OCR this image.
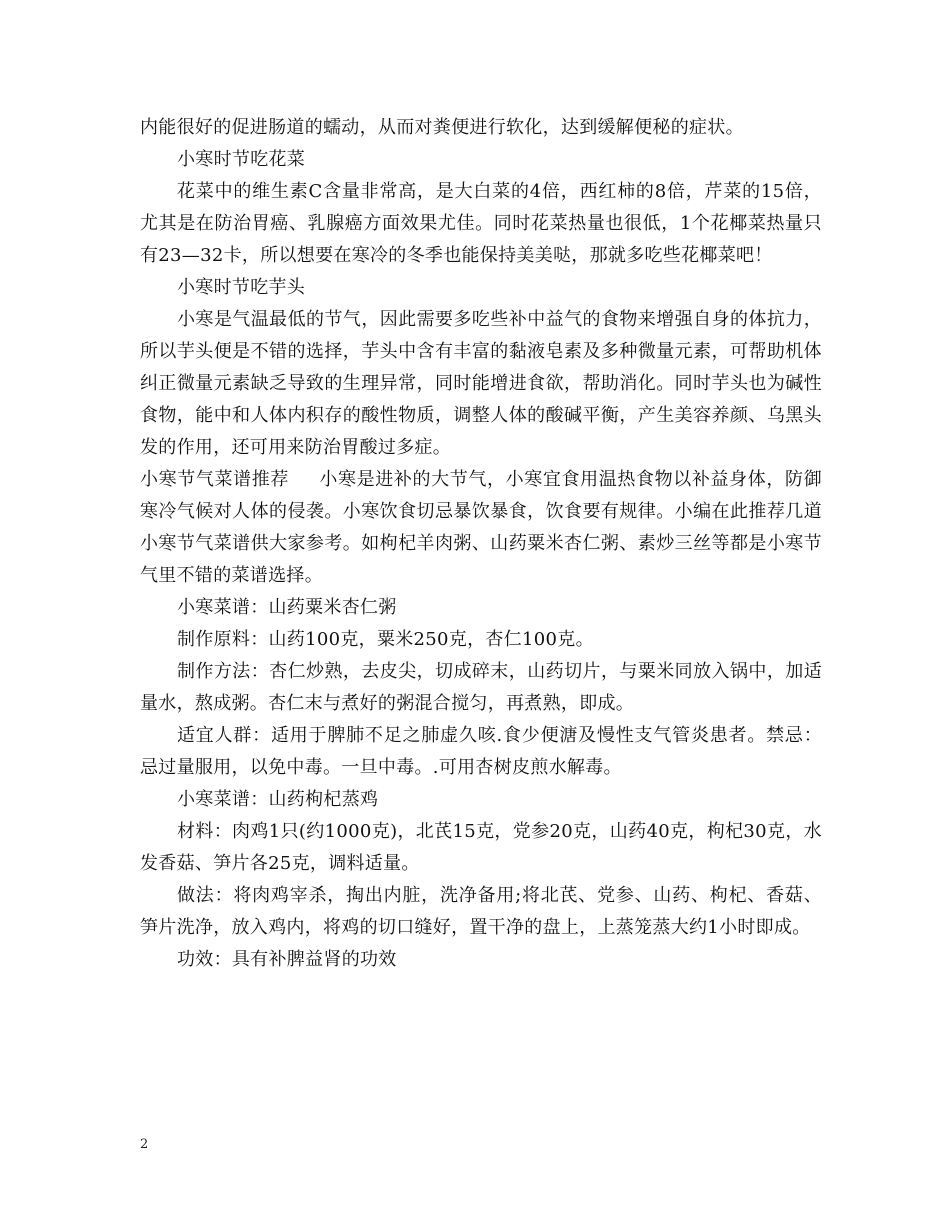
内能很好的促进肠道的蠕动，从而对粪便进行软化，达到缓解便秘的症状。

小寒时节吃花菜

花菜中的维生素C含量非常高，是大白菜的4倍，西红柿的8倍，芹菜的15倍，尤其是在防治胃癌、乳腺癌方面效果尤佳。同时花菜热量也很低，1个花椰菜热量只有23—32卡，所以想要在寒冷的冬季也能保持美美哒，那就多吃些花椰菜吧！

小寒时节吃芋头

小寒是气温最低的节气，因此需要多吃些补中益气的食物来增强自身的体抗力，所以芋头便是不错的选择，芋头中含有丰富的黏液皂素及多种微量元素，可帮助机体纠正微量元素缺乏导致的生理异常，同时能增进食欲，帮助消化。同时芋头也为碱性食物，能中和人体内积存的酸性物质，调整人体的酸碱平衡，产生美容养颜、乌黑头发的作用，还可用来防治胃酸过多症。

小寒节气菜谱推荐 小寒是进补的大节气，小寒宜食用温热食物以补益身体，防御寒冷气候对人体的侵袭。小寒饮食切忌暴饮暴食，饮食要有规律。小编在此推荐几道小寒节气菜谱供大家参考。如枸杞羊肉粥、山药粟米杏仁粥、素炒三丝等都是小寒节气里不错的菜谱选择。

小寒菜谱：山药粟米杏仁粥

制作原料：山药100克，粟米250克，杏仁100克。

制作方法：杏仁炒熟，去皮尖，切成碎末，山药切片，与粟米同放入锅中，加适量水，熬成粥。杏仁末与煮好的粥混合搅匀，再煮熟，即成。

适宜人群：适用于脾肺不足之肺虚久咳.食少便溏及慢性支气管炎患者。禁忌：忌过量服用，以免中毒。一旦中毒。.可用杏树皮煎水解毒。

小寒菜谱：山药枸杞蒸鸡

材料：肉鸡1只(约1000克)，北芪15克，党参20克，山药40克，枸杞30克，水发香菇、笋片各25克，调料适量。

做法：将肉鸡宰杀，掏出内脏，洗净备用;将北芪、党参、山药、枸杞、香菇、笋片洗净，放入鸡内，将鸡的切口缝好，置干净的盘上，上蒸笼蒸大约1小时即成。

功效：具有补脾益肾的功效

2
